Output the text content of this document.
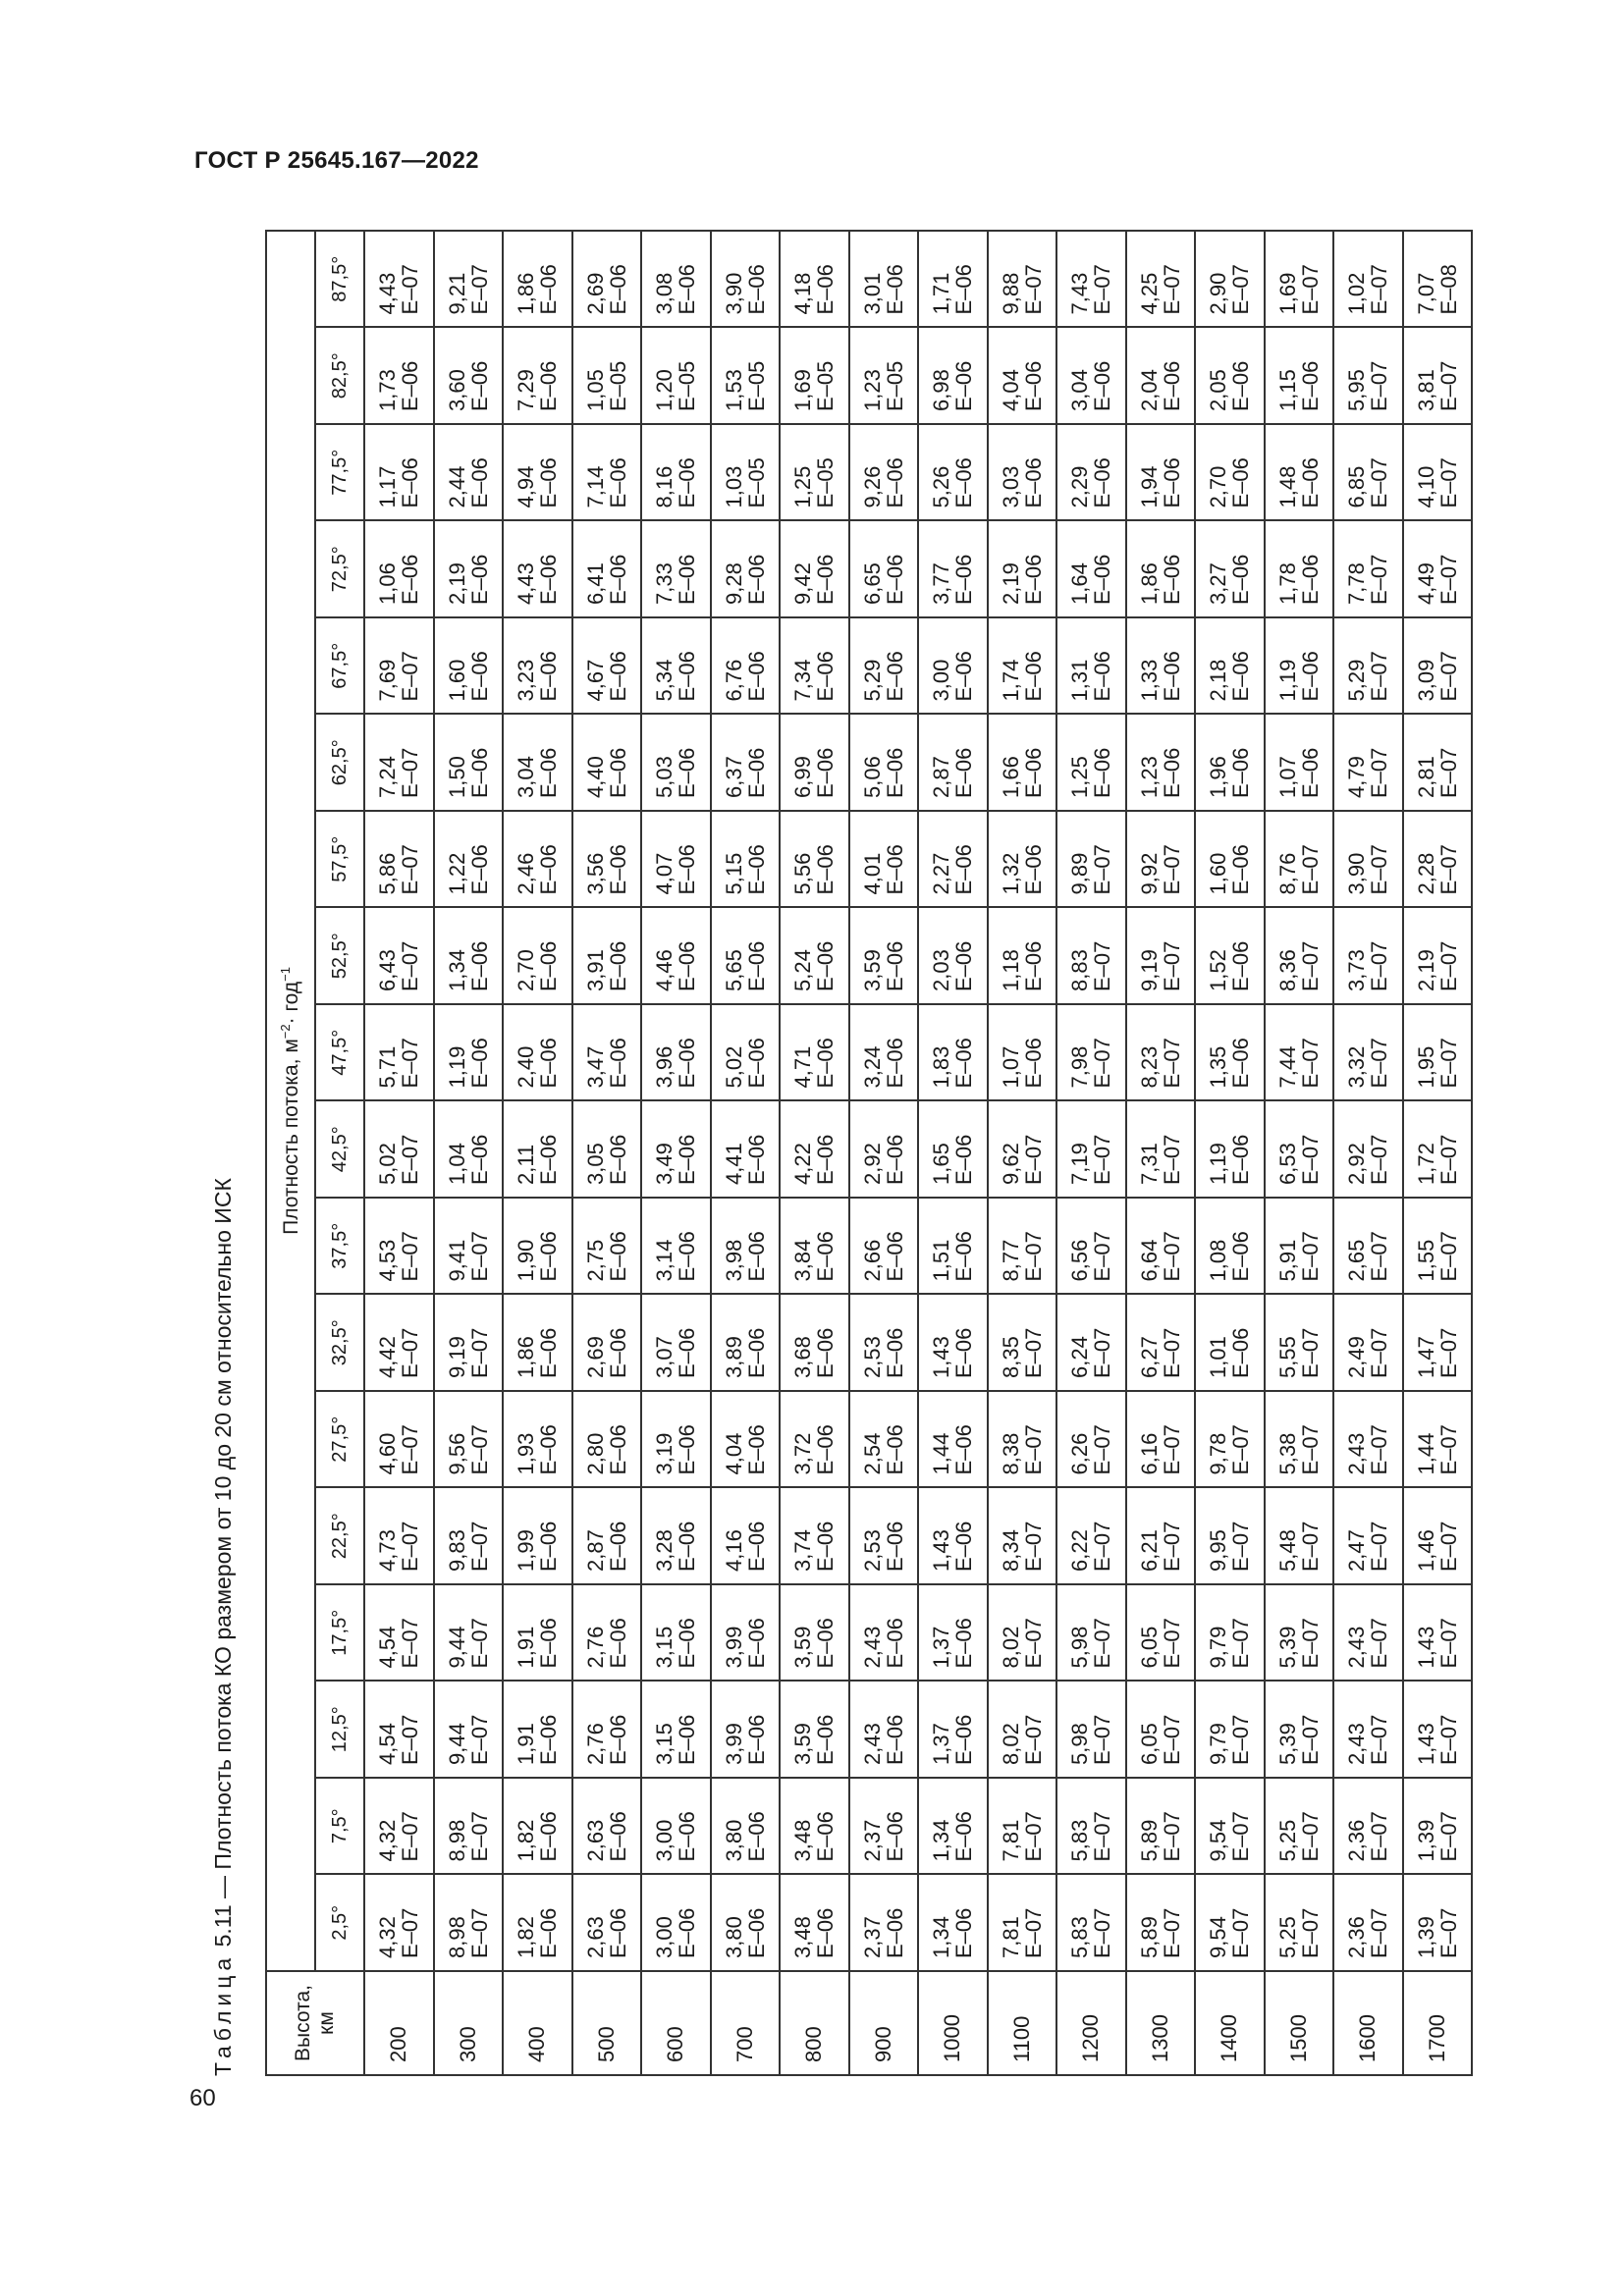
ГОСТ Р 25645.167—2022
Таблица 5.11 — Плотность потока КО размером от 10 до 20 см относительно ИСК
Высота, км	Плотность потока, $м^{-2}\cdot год^{-1}$
	2,5°	7,5°	12,5°	17,5°	22,5°	27,5°	32,5°	37,5°	42,5°	47,5°	52,5°	57,5°	62,5°	67,5°	72,5°	77,5°	82,5°	87,5°
200	4,32
E–07	4,32
E–07	4,54
E–07	4,54
E–07	4,73
E–07	4,60
E–07	4,42
E–07	4,53
E–07	5,02
E–07	5,71
E–07	6,43
E–07	5,86
E–07	7,24
E–07	7,69
E–07	1,06
E–06	1,17
E–06	1,73
E–06	4,43
E–07

300	8,98
E–07	8,98
E–07	9,44
E–07	9,44
E–07	9,83
E–07	9,56
E–07	9,19
E–07	9,41
E–07	1,04
E–06	1,19
E–06	1,34
E–06	1,22
E–06	1,50
E–06	1,60
E–06	2,19
E–06	2,44
E–06	3,60
E–06	9,21
E–07

400	1,82
E–06	1,82
E–06	1,91
E–06	1,91
E–06	1,99
E–06	1,93
E–06	1,86
E–06	1,90
E–06	2,11
E–06	2,40
E–06	2,70
E–06	2,46
E–06	3,04
E–06	3,23
E–06	4,43
E–06	4,94
E–06	7,29
E–06	1,86
E–06

500	2,63
E–06	2,63
E–06	2,76
E–06	2,76
E–06	2,87
E–06	2,80
E–06	2,69
E–06	2,75
E–06	3,05
E–06	3,47
E–06	3,91
E–06	3,56
E–06	4,40
E–06	4,67
E–06	6,41
E–06	7,14
E–06	1,05
E–05	2,69
E–06

600	3,00
E–06	3,00
E–06	3,15
E–06	3,15
E–06	3,28
E–06	3,19
E–06	3,07
E–06	3,14
E–06	3,49
E–06	3,96
E–06	4,46
E–06	4,07
E–06	5,03
E–06	5,34
E–06	7,33
E–06	8,16
E–06	1,20
E–05	3,08
E–06

700	3,80
E–06	3,80
E–06	3,99
E–06	3,99
E–06	4,16
E–06	4,04
E–06	3,89
E–06	3,98
E–06	4,41
E–06	5,02
E–06	5,65
E–06	5,15
E–06	6,37
E–06	6,76
E–06	9,28
E–06	1,03
E–05	1,53
E–05	3,90
E–06

800	3,48
E–06	3,48
E–06	3,59
E–06	3,59
E–06	3,74
E–06	3,72
E–06	3,68
E–06	3,84
E–06	4,22
E–06	4,71
E–06	5,24
E–06	5,56
E–06	6,99
E–06	7,34
E–06	9,42
E–06	1,25
E–05	1,69
E–05	4,18
E–06

900	2,37
E–06	2,37
E–06	2,43
E–06	2,43
E–06	2,53
E–06	2,54
E–06	2,53
E–06	2,66
E–06	2,92
E–06	3,24
E–06	3,59
E–06	4,01
E–06	5,06
E–06	5,29
E–06	6,65
E–06	9,26
E–06	1,23
E–05	3,01
E–06

1000	1,34
E–06	1,34
E–06	1,37
E–06	1,37
E–06	1,43
E–06	1,44
E–06	1,43
E–06	1,51
E–06	1,65
E–06	1,83
E–06	2,03
E–06	2,27
E–06	2,87
E–06	3,00
E–06	3,77
E–06	5,26
E–06	6,98
E–06	1,71
E–06

1100	7,81
E–07	7,81
E–07	8,02
E–07	8,02
E–07	8,34
E–07	8,38
E–07	8,35
E–07	8,77
E–07	9,62
E–07	1,07
E–06	1,18
E–06	1,32
E–06	1,66
E–06	1,74
E–06	2,19
E–06	3,03
E–06	4,04
E–06	9,88
E–07

1200	5,83
E–07	5,83
E–07	5,98
E–07	5,98
E–07	6,22
E–07	6,26
E–07	6,24
E–07	6,56
E–07	7,19
E–07	7,98
E–07	8,83
E–07	9,89
E–07	1,25
E–06	1,31
E–06	1,64
E–06	2,29
E–06	3,04
E–06	7,43
E–07

1300	5,89
E–07	5,89
E–07	6,05
E–07	6,05
E–07	6,21
E–07	6,16
E–07	6,27
E–07	6,64
E–07	7,31
E–07	8,23
E–07	9,19
E–07	9,92
E–07	1,23
E–06	1,33
E–06	1,86
E–06	1,94
E–06	2,04
E–06	4,25
E–07

1400	9,54
E–07	9,54
E–07	9,79
E–07	9,79
E–07	9,95
E–07	9,78
E–07	1,01
E–06	1,08
E–06	1,19
E–06	1,35
E–06	1,52
E–06	1,60
E–06	1,96
E–06	2,18
E–06	3,27
E–06	2,70
E–06	2,05
E–06	2,90
E–07

1500	5,25
E–07	5,25
E–07	5,39
E–07	5,39
E–07	5,48
E–07	5,38
E–07	5,55
E–07	5,91
E–07	6,53
E–07	7,44
E–07	8,36
E–07	8,76
E–07	1,07
E–06	1,19
E–06	1,78
E–06	1,48
E–06	1,15
E–06	1,69
E–07

1600	2,36
E–07	2,36
E–07	2,43
E–07	2,43
E–07	2,47
E–07	2,43
E–07	2,49
E–07	2,65
E–07	2,92
E–07	3,32
E–07	3,73
E–07	3,90
E–07	4,79
E–07	5,29
E–07	7,78
E–07	6,85
E–07	5,95
E–07	1,02
E–07

1700	1,39
E–07	1,39
E–07	1,43
E–07	1,43
E–07	1,46
E–07	1,44
E–07	1,47
E–07	1,55
E–07	1,72
E–07	1,95
E–07	2,19
E–07	2,28
E–07	2,81
E–07	3,09
E–07	4,49
E–07	4,10
E–07	3,81
E–07	7,07
E–08
60
